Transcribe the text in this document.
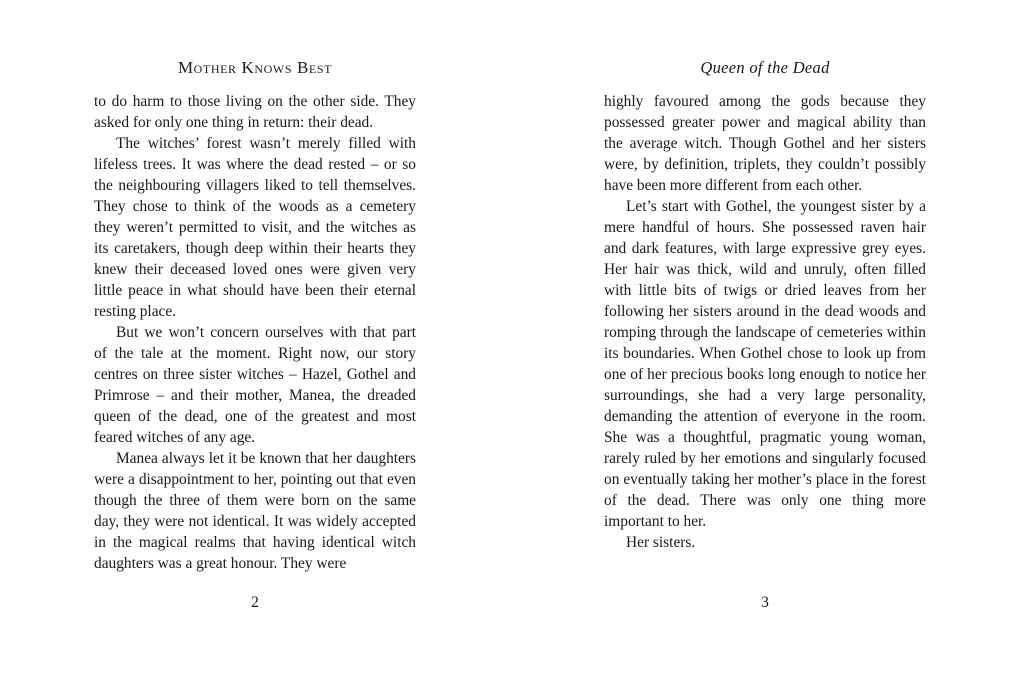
Mother Knows Best

to do harm to those living on the other side. They asked for only one thing in return: their dead.

The witches’ forest wasn’t merely filled with lifeless trees. It was where the dead rested – or so the neighbouring villagers liked to tell themselves. They chose to think of the woods as a cemetery they weren’t permitted to visit, and the witches as its caretakers, though deep within their hearts they knew their deceased loved ones were given very little peace in what should have been their eternal resting place.

But we won’t concern ourselves with that part of the tale at the moment. Right now, our story centres on three sister witches – Hazel, Gothel and Primrose – and their mother, Manea, the dreaded queen of the dead, one of the greatest and most feared witches of any age.

Manea always let it be known that her daughters were a disappointment to her, pointing out that even though the three of them were born on the same day, they were not identical. It was widely accepted in the magical realms that having identical witch daughters was a great honour. They were

2
Queen of the Dead

highly favoured among the gods because they possessed greater power and magical ability than the average witch. Though Gothel and her sisters were, by definition, triplets, they couldn’t possibly have been more different from each other.

Let’s start with Gothel, the youngest sister by a mere handful of hours. She possessed raven hair and dark features, with large expressive grey eyes. Her hair was thick, wild and unruly, often filled with little bits of twigs or dried leaves from her following her sisters around in the dead woods and romping through the landscape of cemeteries within its boundaries. When Gothel chose to look up from one of her precious books long enough to notice her surroundings, she had a very large personality, demanding the attention of everyone in the room. She was a thoughtful, pragmatic young woman, rarely ruled by her emotions and singularly focused on eventually taking her mother’s place in the forest of the dead. There was only one thing more important to her.

Her sisters.

3
